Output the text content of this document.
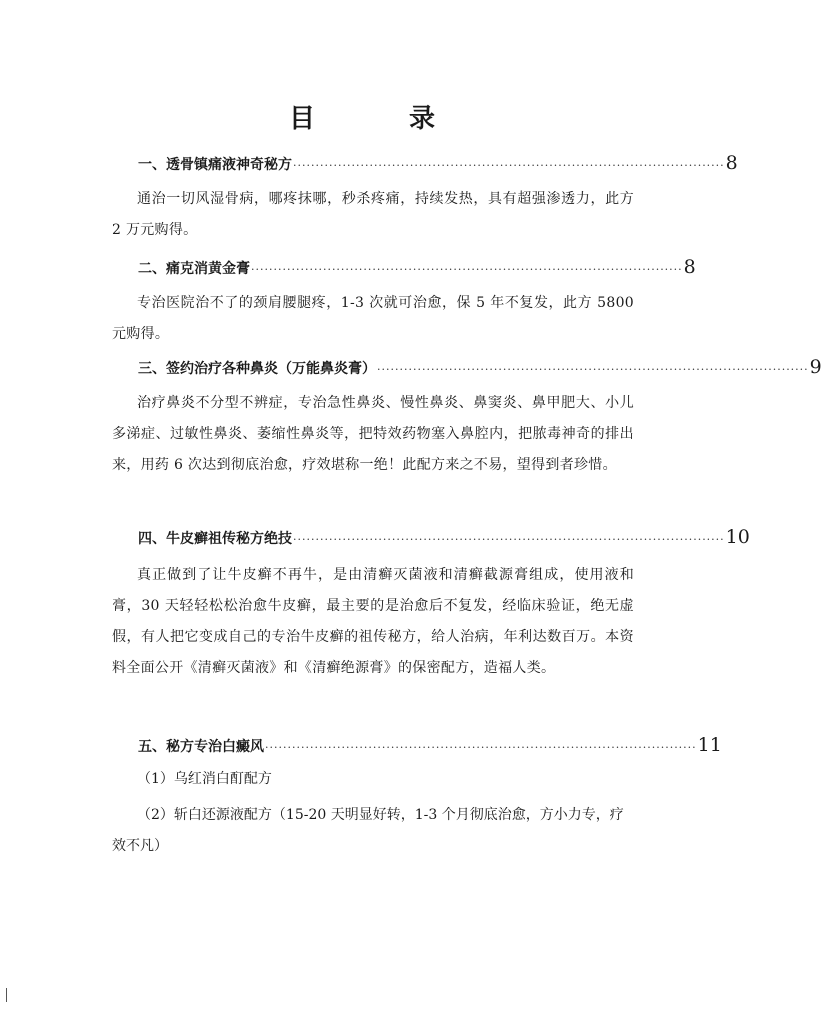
目　录
一、透骨镇痛液神奇秘方 ································································································ 8
通治一切风湿骨病，哪疼抹哪，秒杀疼痛，持续发热，具有超强渗透力，此方 2 万元购得。
二、痛克消黄金膏 ································································································ 8
专治医院治不了的颈肩腰腿疼，1-3 次就可治愈，保 5 年不复发，此方 5800 元购得。
三、签约治疗各种鼻炎（万能鼻炎膏） ································································································ 9
治疗鼻炎不分型不辨症，专治急性鼻炎、慢性鼻炎、鼻窦炎、鼻甲肥大、小儿多涕症、过敏性鼻炎、萎缩性鼻炎等，把特效药物塞入鼻腔内，把脓毒神奇的排出来，用药 6 次达到彻底治愈，疗效堪称一绝！此配方来之不易，望得到者珍惜。
四、牛皮癣祖传秘方绝技 ································································································ 10
真正做到了让牛皮癣不再牛，是由清癣灭菌液和清癣截源膏组成，使用液和膏，30 天轻轻松松治愈牛皮癣，最主要的是治愈后不复发，经临床验证，绝无虚假，有人把它变成自己的专治牛皮癣的祖传秘方，给人治病，年利达数百万。本资料全面公开《清癣灭菌液》和《清癣绝源膏》的保密配方，造福人类。
五、秘方专治白癜风 ································································································ 11
（1）乌红消白酊配方
（2）斩白还源液配方（15-20 天明显好转，1-3 个月彻底治愈，方小力专，疗效不凡）
